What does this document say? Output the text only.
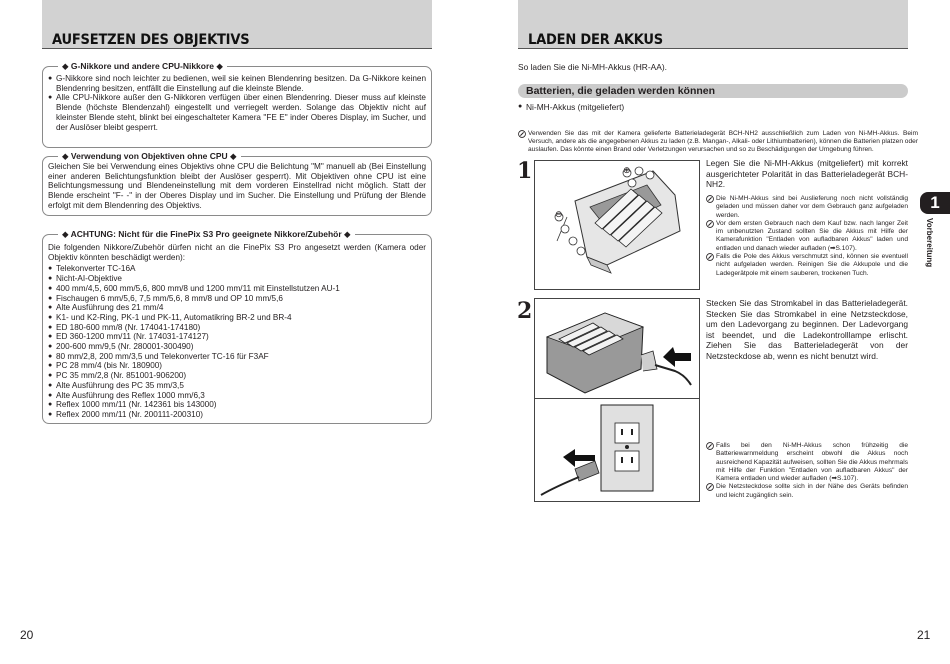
AUFSETZEN DES OBJEKTIVS
◆ G-Nikkore und andere CPU-Nikkore ◆
● G-Nikkore sind noch leichter zu bedienen, weil sie keinen Blendenring besitzen. Da G-Nikkore keinen Blendenring besitzen, entfällt die Einstellung auf die kleinste Blende.
● Alle CPU-Nikkore außer den G-Nikkoren verfügen über einen Blendenring. Dieser muss auf kleinste Blende (höchste Blendenzahl) eingestellt und verriegelt werden. Solange das Objektiv nicht auf kleinster Blende steht, blinkt bei eingeschalteter Kamera "FE E" inder Oberes Display, im Sucher, und der Auslöser bleibt gesperrt.
◆ Verwendung von Objektiven ohne CPU ◆
Gleichen Sie bei Verwendung eines Objektivs ohne CPU die Belichtung "M" manuell ab (Bei Einstellung einer anderen Belichtungsfunktion bleibt der Auslöser gesperrt). Mit Objektiven ohne CPU ist eine Belichtungsmessung und Blendeneinstellung mit dem vorderen Einstellrad nicht möglich. Statt der Blende erscheint "F- -" in der Oberes Display und im Sucher. Die Einstellung und Prüfung der Blende erfolgt mit dem Blendenring des Objektivs.
◆ ACHTUNG: Nicht für die FinePix S3 Pro geeignete Nikkore/Zubehör ◆
Die folgenden Nikkore/Zubehör dürfen nicht an die FinePix S3 Pro angesetzt werden (Kamera oder Objektiv könnten beschädigt werden):
● Telekonverter TC-16A
● Nicht-AI-Objektive
● 400 mm/4,5, 600 mm/5,6, 800 mm/8 und 1200 mm/11 mit Einstellstutzen AU-1
● Fischaugen 6 mm/5,6, 7,5 mm/5,6, 8 mm/8 und OP 10 mm/5,6
● Alte Ausführung des 21 mm/4
● K1- und K2-Ring, PK-1 und PK-11, Automatikring BR-2 und BR-4
● ED 180-600 mm/8 (Nr. 174041-174180)
● ED 360-1200 mm/11 (Nr. 174031-174127)
● 200-600 mm/9,5 (Nr. 280001-300490)
● 80 mm/2,8, 200 mm/3,5 und Telekonverter TC-16 für F3AF
● PC 28 mm/4 (bis Nr. 180900)
● PC 35 mm/2,8 (Nr. 851001-906200)
● Alte Ausführung des PC 35 mm/3,5
● Alte Ausführung des Reflex 1000 mm/6,3
● Reflex 1000 mm/11 (Nr. 142361 bis 143000)
● Reflex 2000 mm/11 (Nr. 200111-200310)
20
LADEN DER AKKUS
So laden Sie die Ni-MH-Akkus (HR-AA).
Batterien, die geladen werden können
● Ni-MH-Akkus (mitgeliefert)
Verwenden Sie das mit der Kamera gelieferte Batterieladegerät BCH-NH2 ausschließlich zum Laden von Ni-MH-Akkus. Beim Versuch, andere als die angegebenen Akkus zu laden (z.B. Mangan-, Alkali- oder Lithiumbatterien), können die Batterien platzen oder auslaufen. Das könnte einen Brand oder Verletzungen verursachen und so zu Beschädigungen der Umgebung führen.
1	⊕
⊖
Legen Sie die Ni-MH-Akkus (mitgeliefert) mit korrekt ausgerichteter Polarität in das Batterieladegerät BCH-NH2.
Die Ni-MH-Akkus sind bei Auslieferung noch nicht vollständig geladen und müssen daher vor dem Gebrauch ganz aufgeladen werden.
Vor dem ersten Gebrauch nach dem Kauf bzw. nach langer Zeit im unbenutzten Zustand sollten Sie die Akkus mit Hilfe der Kamerafunktion "Entladen von aufladbaren Akkus" laden und entladen und danach wieder aufladen (➡S.107).
Falls die Pole des Akkus verschmutzt sind, können sie eventuell nicht aufgeladen werden. Reinigen Sie die Akkupole und die Ladegerätpole mit einem sauberen, trockenen Tuch.
2	Stecken Sie das Stromkabel in das Batterieladegerät. Stecken Sie das Stromkabel in eine Netzsteckdose, um den Ladevorgang zu beginnen. Der Ladevorgang ist beendet, und die Ladekontrolllampe erlischt. Ziehen Sie das Batterieladegerät von der Netzsteckdose ab, wenn es nicht benutzt wird.
Falls bei den Ni-MH-Akkus schon frühzeitig die Batteriewarnmeldung erscheint obwohl die Akkus noch ausreichend Kapazität aufweisen, sollten Sie die Akkus mehrmals mit Hilfe der Funktion "Entladen von aufladbaren Akkus" der Kamera entladen und wieder aufladen (➡S.107).
Die Netzsteckdose sollte sich in der Nähe des Geräts befinden und leicht zugänglich sein.
1
Vorbereitung
21
